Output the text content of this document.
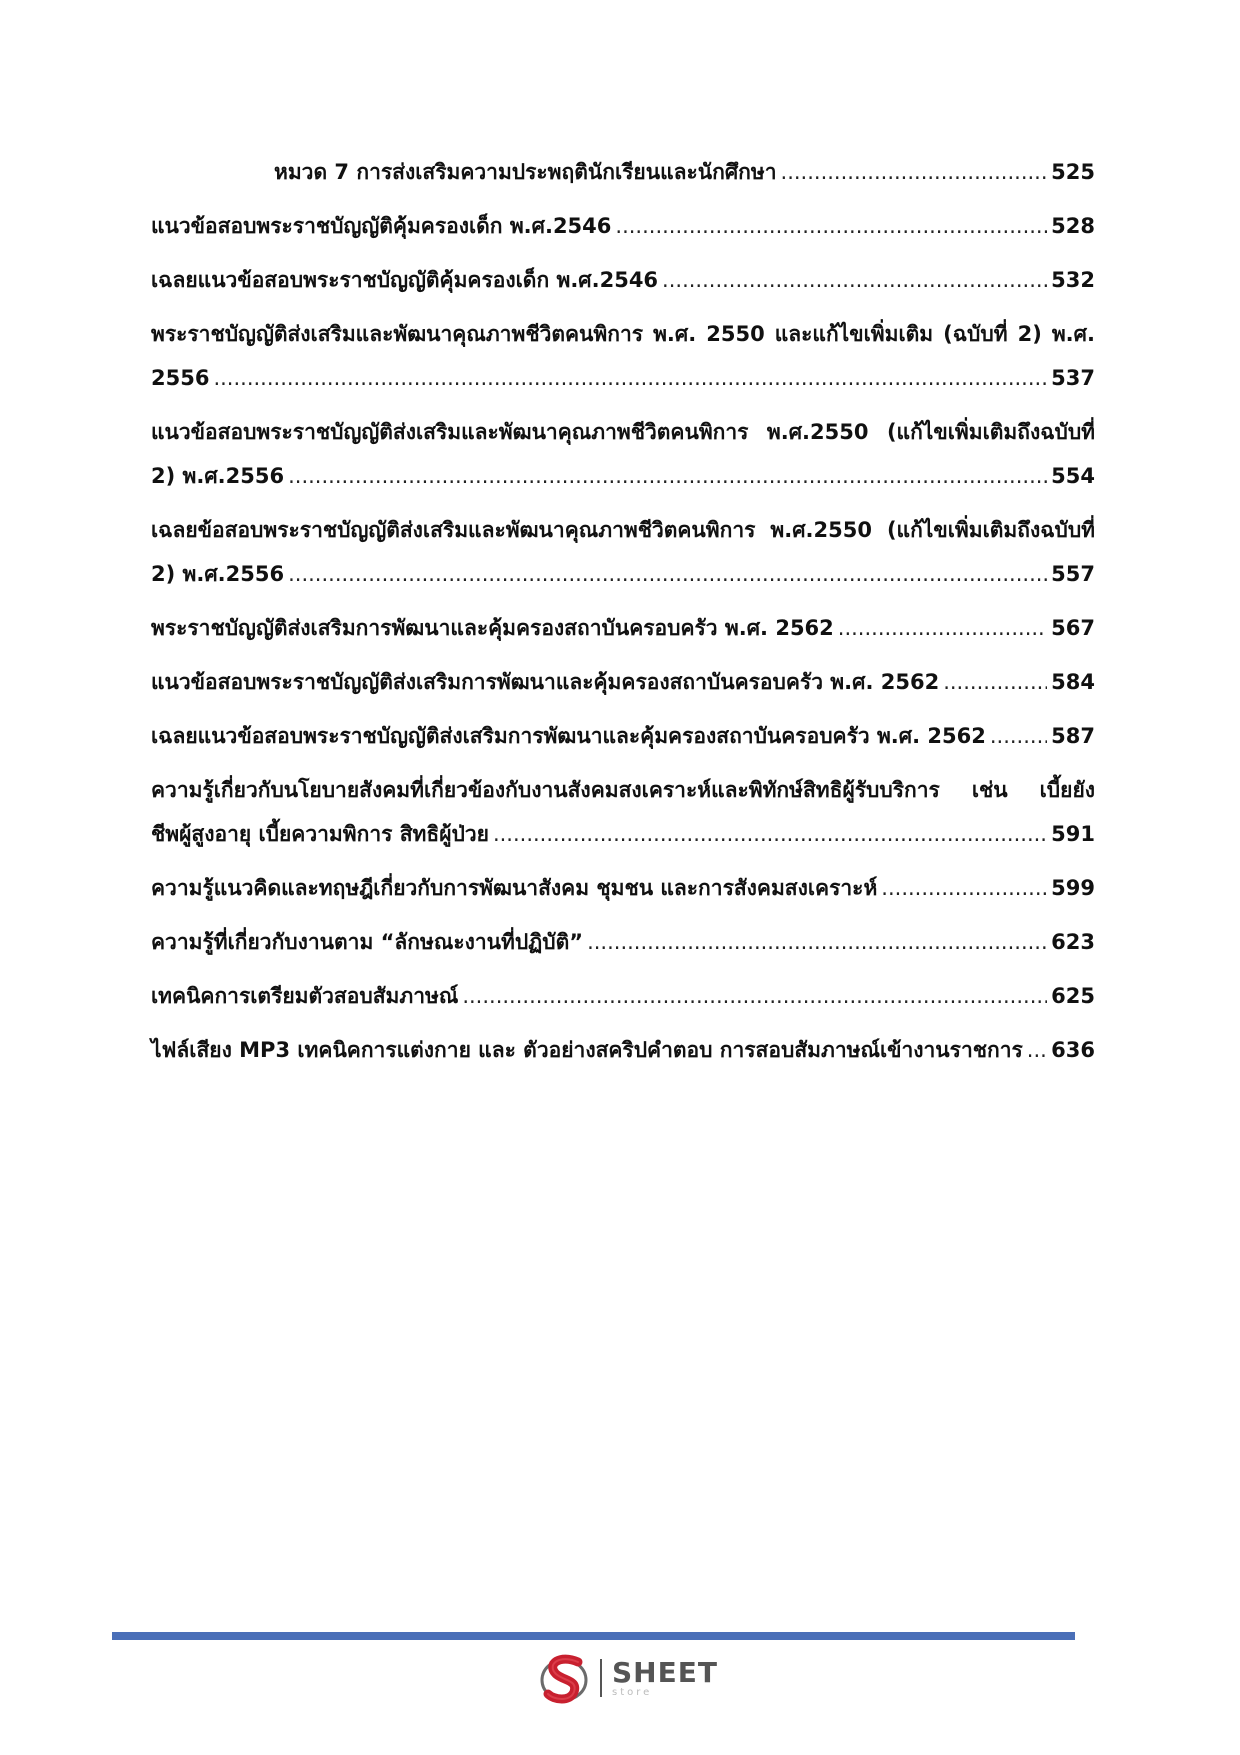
หมวด 7 การส่งเสริมความประพฤตินักเรียนและนักศึกษา .....	525
แนวข้อสอบพระราชบัญญัติคุ้มครองเด็ก พ.ศ.2546 .....	528
เฉลยแนวข้อสอบพระราชบัญญัติคุ้มครองเด็ก พ.ศ.2546 .....	532
พระราชบัญญัติส่งเสริมและพัฒนาคุณภาพชีวิตคนพิการ พ.ศ. 2550 และแก้ไขเพิ่มเติม (ฉบับที่ 2) พ.ศ.
2556 .....	537
แนวข้อสอบพระราชบัญญัติส่งเสริมและพัฒนาคุณภาพชีวิตคนพิการ พ.ศ.2550 (แก้ไขเพิ่มเติมถึงฉบับที่
2) พ.ศ.2556 .....	554
เฉลยข้อสอบพระราชบัญญัติส่งเสริมและพัฒนาคุณภาพชีวิตคนพิการ พ.ศ.2550 (แก้ไขเพิ่มเติมถึงฉบับที่
2) พ.ศ.2556 .....	557
พระราชบัญญัติส่งเสริมการพัฒนาและคุ้มครองสถาบันครอบครัว พ.ศ. 2562 .....	567
แนวข้อสอบพระราชบัญญัติส่งเสริมการพัฒนาและคุ้มครองสถาบันครอบครัว พ.ศ. 2562 .....	584
เฉลยแนวข้อสอบพระราชบัญญัติส่งเสริมการพัฒนาและคุ้มครองสถาบันครอบครัว พ.ศ. 2562 .....	587
ความรู้เกี่ยวกับนโยบายสังคมที่เกี่ยวข้องกับงานสังคมสงเคราะห์และพิทักษ์สิทธิผู้รับบริการ เช่น เบี้ยยัง
ชีพผู้สูงอายุ เบี้ยความพิการ สิทธิผู้ป่วย .....	591
ความรู้แนวคิดและทฤษฎีเกี่ยวกับการพัฒนาสังคม ชุมชน และการสังคมสงเคราะห์ .....	599
ความรู้ที่เกี่ยวกับงานตาม “ลักษณะงานที่ปฏิบัติ” .....	623
เทคนิคการเตรียมตัวสอบสัมภาษณ์ .....	625
ไฟล์เสียง MP3 เทคนิคการแต่งกาย และ ตัวอย่างสคริปคำตอบ การสอบสัมภาษณ์เข้างานราชการ ..... 636
SHEET
store
